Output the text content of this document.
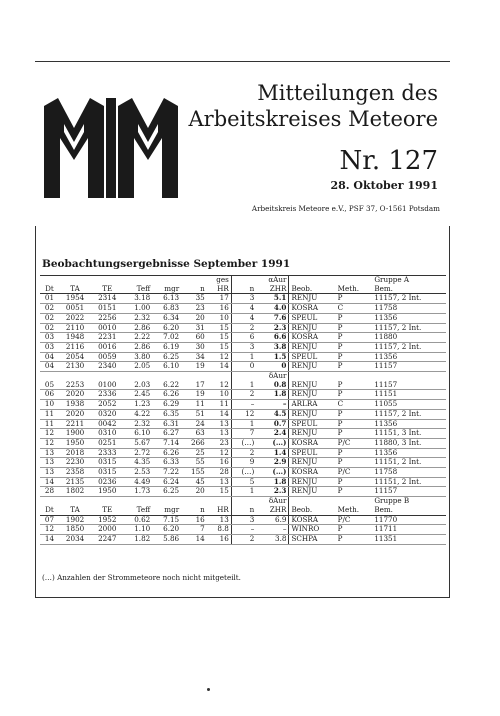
Mitteilungen des
Arbeitskreises Meteore
Nr. 127
28. Oktober 1991
Arbeitskreis Meteore e.V., PSF 37, O-1561 Potsdam
Beobachtungsergebnisse September 1991
						ges		αAur			Gruppe A
Dt	TA	TE	Teff	mgr	n	HR	n	ZHR	Beob.	Meth.	Bem.
01	1954	2314	3.18	6.13	35	17	3	5.1	RENJU	P	11157, 2 Int.
02	0051	0151	1.00	6.83	23	16	4	4.0	KOSRA	C	11758
02	2022	2256	2.32	6.34	20	10	4	7.6	SPEUL	P	11356
02	2110	0010	2.86	6.20	31	15	2	2.3	RENJU	P	11157, 2 Int.
03	1948	2231	2.22	7.02	60	15	6	6.6	KOSRA	P	11880
03	2116	0016	2.86	6.19	30	15	3	3.8	RENJU	P	11157, 2 Int.
04	2054	0059	3.80	6.25	34	12	1	1.5	SPEUL	P	11356
04	2130	2340	2.05	6.10	19	14	0	0	RENJU	P	11157
								δAur			
05	2253	0100	2.03	6.22	17	12	1	0.8	RENJU	P	11157
06	2020	2336	2.45	6.26	19	10	2	1.8	RENJU	P	11151
10	1938	2052	1.23	6.29	11	11	–	–	ARLRA	C	11055
11	2020	0320	4.22	6.35	51	14	12	4.5	RENJU	P	11157, 2 Int.
11	2211	0042	2.32	6.31	24	13	1	0.7	SPEUL	P	11356
12	1900	0310	6.10	6.27	63	13	7	2.4	RENJU	P	11151, 3 Int.
12	1950	0251	5.67	7.14	266	23	(…)	(…)	KOSRA	P/C	11880, 3 Int.
13	2018	2333	2.72	6.26	25	12	2	1.4	SPEUL	P	11356
13	2230	0315	4.35	6.33	55	16	9	2.9	RENJU	P	11151, 2 Int.
13	2358	0315	2.53	7.22	155	28	(…)	(…)	KOSRA	P/C	11758
14	2135	0236	4.49	6.24	45	13	5	1.8	RENJU	P	11151, 2 Int.
28	1802	1950	1.73	6.25	20	15	1	2.3	RENJU	P	11157
								δAur			Gruppe B
Dt	TA	TE	Teff	mgr	n	HR	n	ZHR	Beob.	Meth.	Bem.
07	1902	1952	0.62	7.15	16	13	3	6.9	KOSRA	P/C	11770
12	1850	2000	1.10	6.20	7	8.8	–	–	WINRO	P	11711
14	2034	2247	1.82	5.86	14	16	2	3.8	SCHPA	P	11351
(…) Anzahlen der Strommeteore noch nicht mitgeteilt.
